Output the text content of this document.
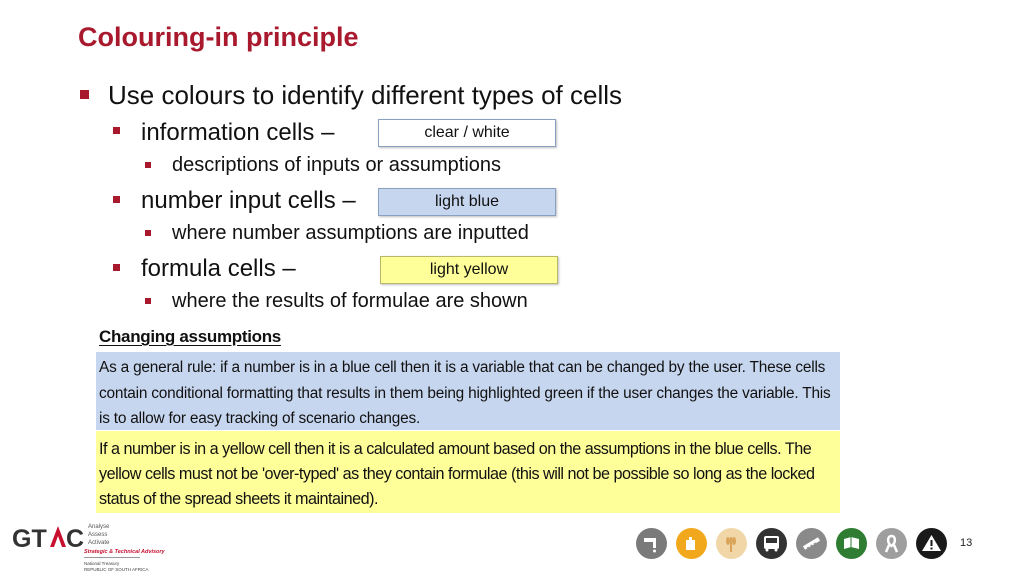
Colouring-in principle
Use colours to identify different types of cells
information cells –	clear / white
descriptions of inputs or assumptions
number input cells –	light blue
where number assumptions are inputted
formula cells –	light yellow
where the results of formulae are shown
Changing assumptions
As a general rule: if a number is in a blue cell then it is a variable that can be changed by the user. These cells contain conditional formatting that results in them being highlighted green if the user changes the variable. This is to allow for easy tracking of scenario changes.
If a number is in a yellow cell then it is a calculated amount based on the assumptions in the blue cells. The yellow cells must not be 'over-typed' as they contain formulae (this will not be possible so long as the locked status of the spread sheets it maintained).
GT C Analyse
Assess
Activate
Strategic & Technical Advisory
National Treasury
REPUBLIC OF SOUTH AFRICA
13
